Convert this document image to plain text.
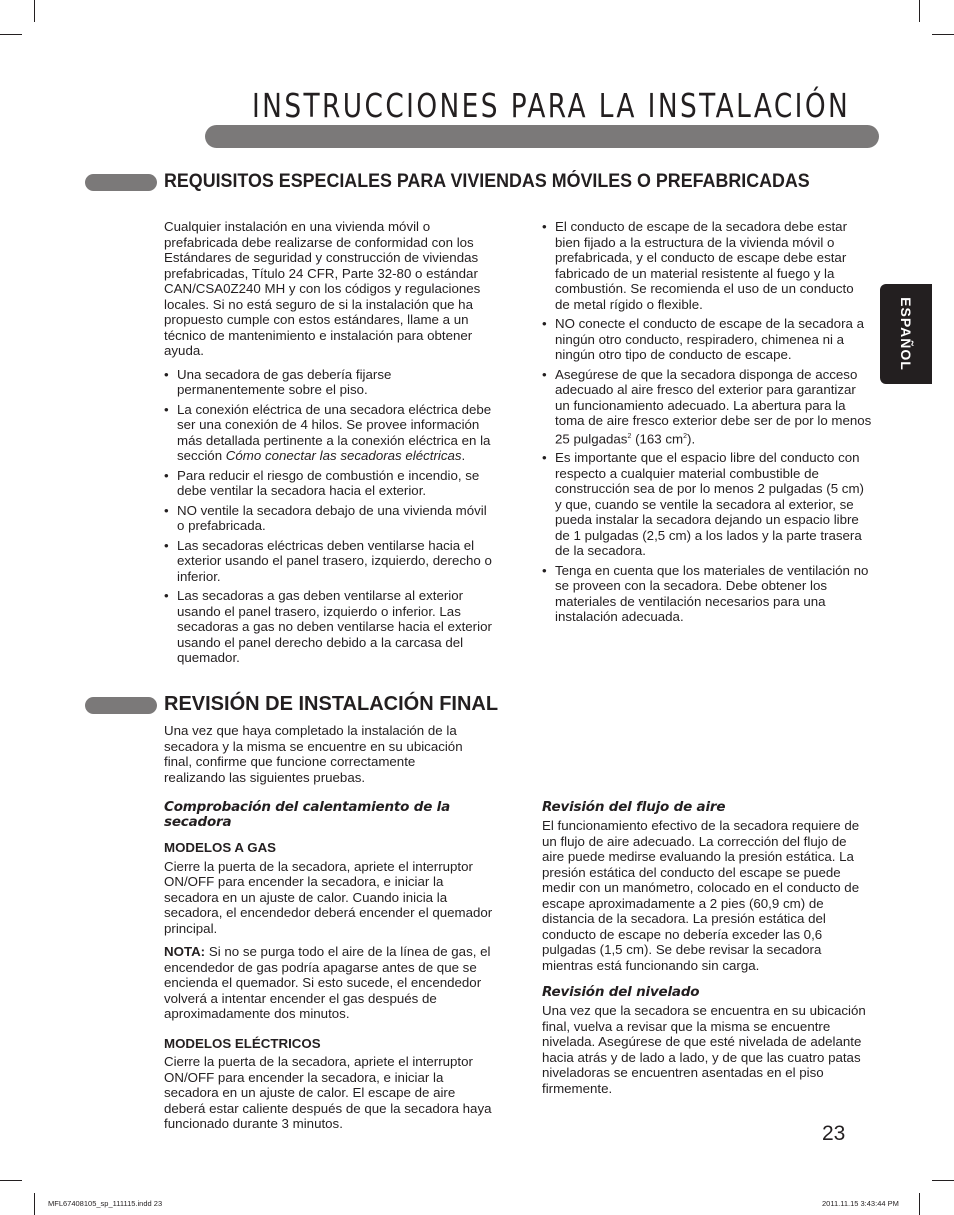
INSTRUCCIONES PARA LA INSTALACIÓN
ESPAÑOL
REQUISITOS ESPECIALES PARA VIVIENDAS MÓVILES O PREFABRICADAS

Cualquier instalación en una vivienda móvil o prefabricada debe realizarse de conformidad con los Estándares de seguridad y construcción de viviendas prefabricadas, Título 24 CFR, Parte 32-80 o estándar CAN/CSA0Z240 MH y con los códigos y regulaciones locales. Si no está seguro de si la instalación que ha propuesto cumple con estos estándares, llame a un técnico de mantenimiento e instalación para obtener ayuda.

• Una secadora de gas debería fijarse permanentemente sobre el piso.
• La conexión eléctrica de una secadora eléctrica debe ser una conexión de 4 hilos. Se provee información más detallada pertinente a la conexión eléctrica en la sección Cómo conectar las secadoras eléctricas.
• Para reducir el riesgo de combustión e incendio, se debe ventilar la secadora hacia el exterior.
• NO ventile la secadora debajo de una vivienda móvil o prefabricada.
• Las secadoras eléctricas deben ventilarse hacia el exterior usando el panel trasero, izquierdo, derecho o inferior.
• Las secadoras a gas deben ventilarse al exterior usando el panel trasero, izquierdo o inferior. Las secadoras a gas no deben ventilarse hacia el exterior usando el panel derecho debido a la carcasa del quemador.
• El conducto de escape de la secadora debe estar bien fijado a la estructura de la vivienda móvil o prefabricada, y el conducto de escape debe estar fabricado de un material resistente al fuego y la combustión. Se recomienda el uso de un conducto de metal rígido o flexible.
• NO conecte el conducto de escape de la secadora a ningún otro conducto, respiradero, chimenea ni a ningún otro tipo de conducto de escape.
• Asegúrese de que la secadora disponga de acceso adecuado al aire fresco del exterior para garantizar un funcionamiento adecuado. La abertura para la toma de aire fresco exterior debe ser de por lo menos 25 pulgadas$^2$ (163 $cm^2$).
• Es importante que el espacio libre del conducto con respecto a cualquier material combustible de construcción sea de por lo menos 2 pulgadas (5 cm) y que, cuando se ventile la secadora al exterior, se pueda instalar la secadora dejando un espacio libre de 1 pulgadas (2,5 cm) a los lados y la parte trasera de la secadora.
• Tenga en cuenta que los materiales de ventilación no se proveen con la secadora. Debe obtener los materiales de ventilación necesarios para una instalación adecuada.
REVISIÓN DE INSTALACIÓN FINAL

Una vez que haya completado la instalación de la secadora y la misma se encuentre en su ubicación final, confirme que funcione correctamente realizando las siguientes pruebas.

Comprobación del calentamiento de la secadora
MODELOS A GAS

Cierre la puerta de la secadora, apriete el interruptor ON/OFF para encender la secadora, e iniciar la secadora en un ajuste de calor. Cuando inicia la secadora, el encendedor deberá encender el quemador principal.

NOTA: Si no se purga todo el aire de la línea de gas, el encendedor de gas podría apagarse antes de que se encienda el quemador. Si esto sucede, el encendedor volverá a intentar encender el gas después de aproximadamente dos minutos.

MODELOS ELÉCTRICOS

Cierre la puerta de la secadora, apriete el interruptor ON/OFF para encender la secadora, e iniciar la secadora en un ajuste de calor. El escape de aire deberá estar caliente después de que la secadora haya funcionado durante 3 minutos.

Revisión del flujo de aire

El funcionamiento efectivo de la secadora requiere de un flujo de aire adecuado. La corrección del flujo de aire puede medirse evaluando la presión estática. La presión estática del conducto del escape se puede medir con un manómetro, colocado en el conducto de escape aproximadamente a 2 pies (60,9 cm) de distancia de la secadora. La presión estática del conducto de escape no debería exceder las 0,6 pulgadas (1,5 cm). Se debe revisar la secadora mientras está funcionando sin carga.

Revisión del nivelado

Una vez que la secadora se encuentra en su ubicación final, vuelva a revisar que la misma se encuentre nivelada. Asegúrese de que esté nivelada de adelante hacia atrás y de lado a lado, y de que las cuatro patas niveladoras se encuentren asentadas en el piso firmemente.

23
MFL67408105_sp_111115.indd 23	2011.11.15 3:43:44 PM
